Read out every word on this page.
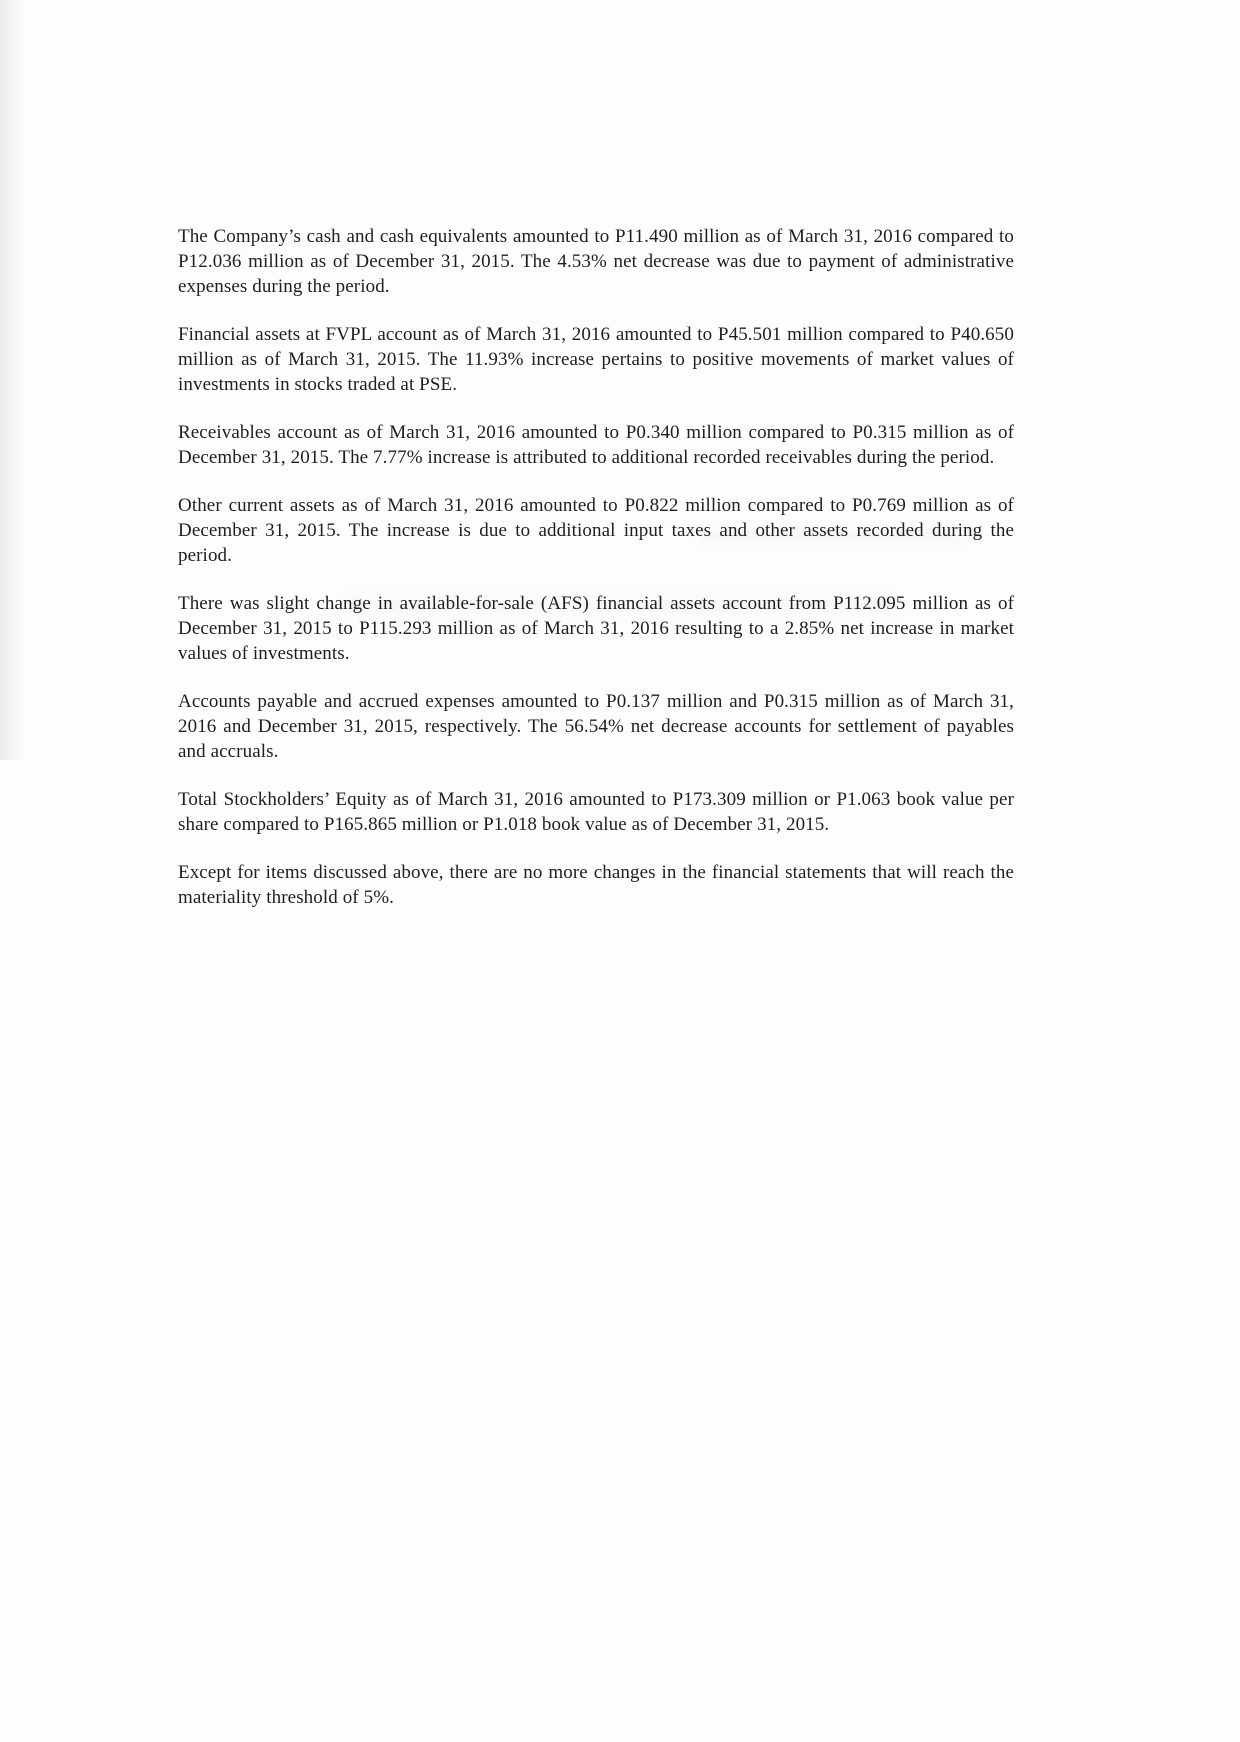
The Company’s cash and cash equivalents amounted to P11.490 million as of March 31, 2016 compared to P12.036 million as of December 31, 2015. The 4.53% net decrease was due to payment of administrative expenses during the period.

Financial assets at FVPL account as of March 31, 2016 amounted to P45.501 million compared to P40.650 million as of March 31, 2015. The 11.93% increase pertains to positive movements of market values of investments in stocks traded at PSE.

Receivables account as of March 31, 2016 amounted to P0.340 million compared to P0.315 million as of December 31, 2015. The 7.77% increase is attributed to additional recorded receivables during the period.

Other current assets as of March 31, 2016 amounted to P0.822 million compared to P0.769 million as of December 31, 2015. The increase is due to additional input taxes and other assets recorded during the period.

There was slight change in available-for-sale (AFS) financial assets account from P112.095 million as of December 31, 2015 to P115.293 million as of March 31, 2016 resulting to a 2.85% net increase in market values of investments.

Accounts payable and accrued expenses amounted to P0.137 million and P0.315 million as of March 31, 2016 and December 31, 2015, respectively. The 56.54% net decrease accounts for settlement of payables and accruals.

Total Stockholders’ Equity as of March 31, 2016 amounted to P173.309 million or P1.063 book value per share compared to P165.865 million or P1.018 book value as of December 31, 2015.

Except for items discussed above, there are no more changes in the financial statements that will reach the materiality threshold of 5%.
